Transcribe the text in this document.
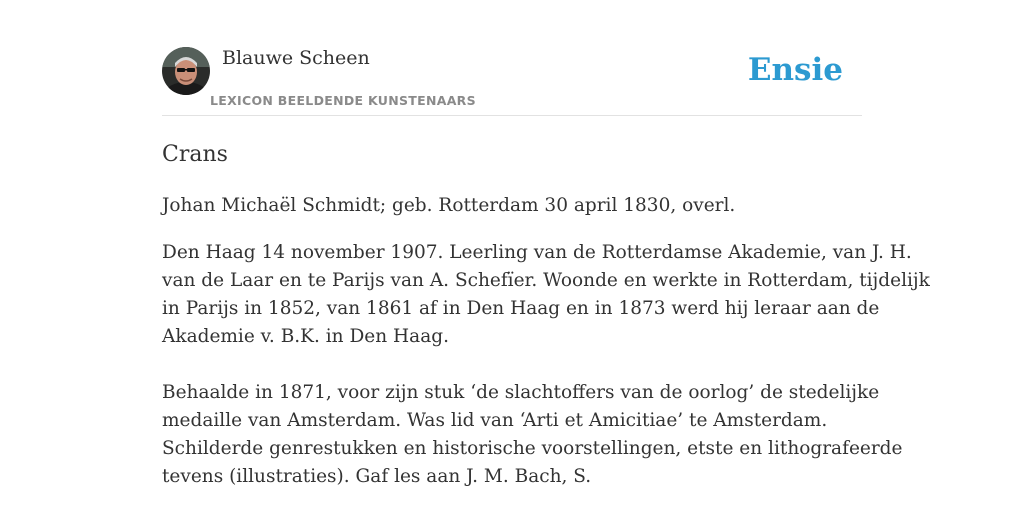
Blauwe Scheen
LEXICON BEELDENDE KUNSTENAARS
Ensie
Crans
Johan Michaël Schmidt; geb. Rotterdam 30 april 1830, overl.
Den Haag 14 november 1907. Leerling van de Rotterdamse Akademie, van J. H.
van de Laar en te Parijs van A. Schefïer. Woonde en werkte in Rotterdam, tijdelijk
in Parijs in 1852, van 1861 af in Den Haag en in 1873 werd hij leraar aan de
Akademie v. B.K. in Den Haag.
Behaalde in 1871, voor zijn stuk ‘de slachtoffers van de oorlog’ de stedelijke
medaille van Amsterdam. Was lid van ‘Arti et Amicitiae’ te Amsterdam.
Schilderde genrestukken en historische voorstellingen, etste en lithografeerde
tevens (illustraties). Gaf les aan J. M. Bach, S.
